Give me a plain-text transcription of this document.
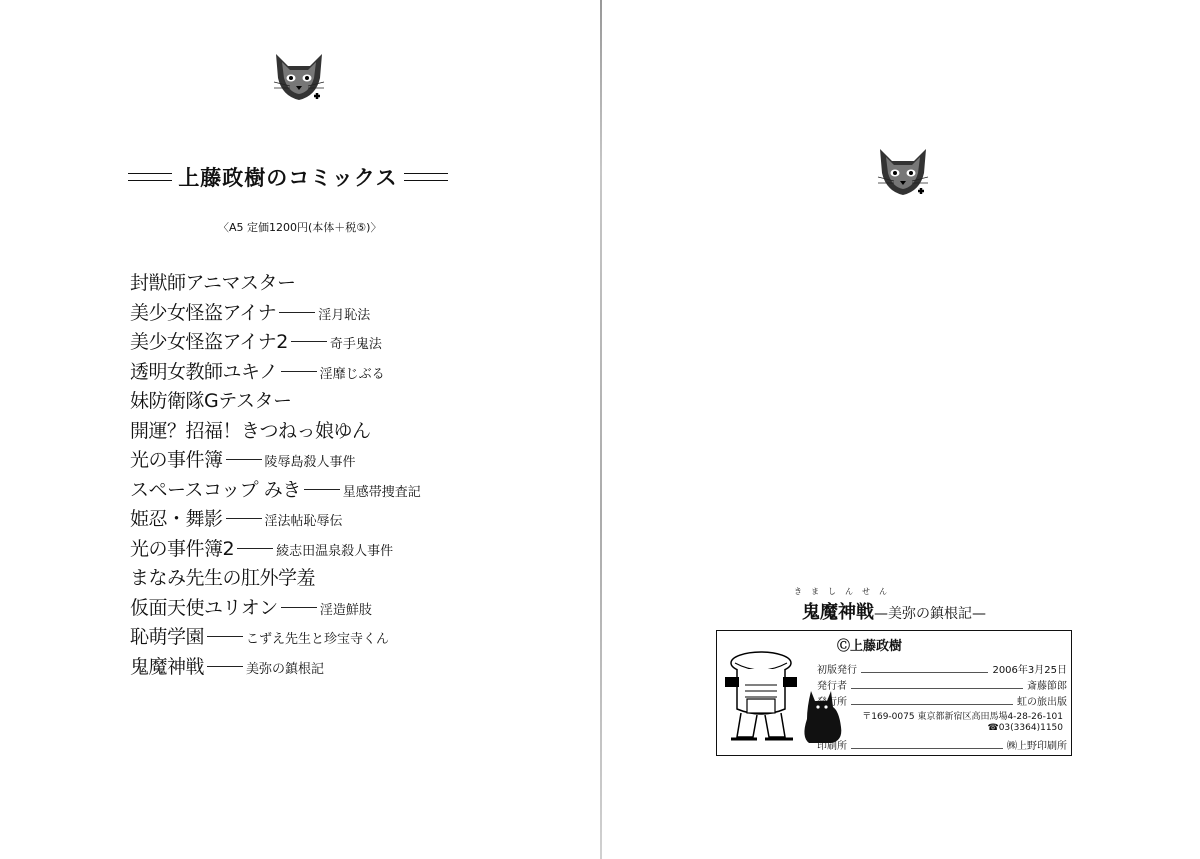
上藤政樹のコミックス
〈A5 定価1200円(本体＋税⑤)〉
封獣師アニマスター
美少女怪盗アイナ	淫月恥法
美少女怪盗アイナ2	奇手鬼法
透明女教師ユキノ	淫靡じぶる
妹防衛隊Gテスター
開運？招福！きつねっ娘ゆん
光の事件簿	陵辱島殺人事件
スペースコップ みき	星感帯捜査記
姫忍・舞影	淫法帖恥辱伝
光の事件簿2	綾志田温泉殺人事件
まなみ先生の肛外学羞
仮面天使ユリオン	淫造鮮肢
恥萌学園	こずえ先生と珍宝寺くん
鬼魔神戦	美弥の鎮根記
きましんせん
鬼魔神戦—美弥の鎮根記—
Ⓒ上藤政樹
初版発行	2006年3月25日
発行者	斎藤節郎
発行所	虹の旅出版
〒169-0075 東京都新宿区高田馬場4-28-26-101
☎03(3364)1150
印刷所	㈱上野印刷所
